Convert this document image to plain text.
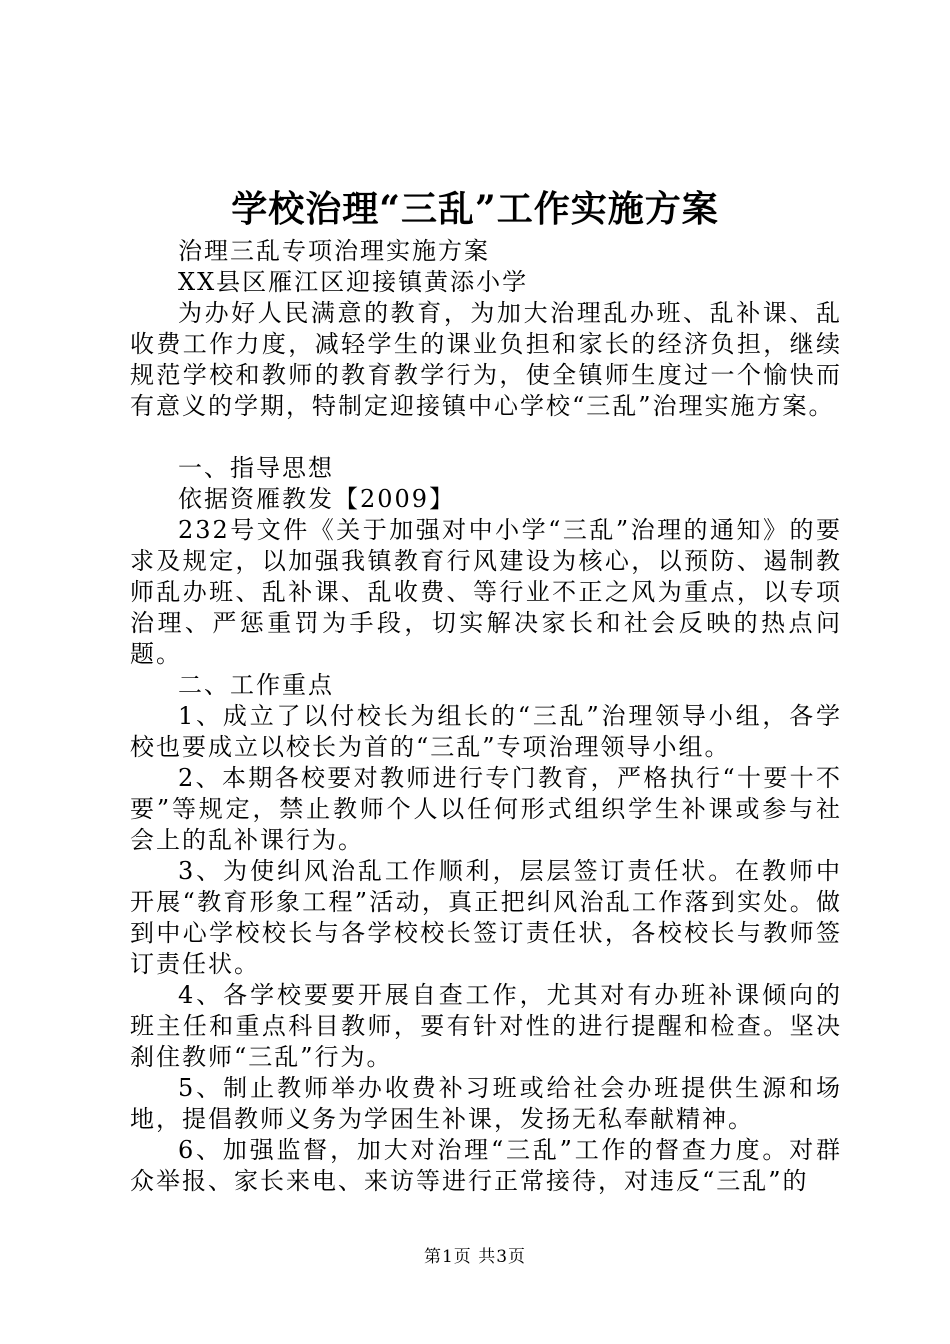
学校治理“三乱”工作实施方案

治理三乱专项治理实施方案

XX县区雁江区迎接镇黄添小学

为办好人民满意的教育，为加大治理乱办班、乱补课、乱收费工作力度，减轻学生的课业负担和家长的经济负担，继续规范学校和教师的教育教学行为，使全镇师生度过一个愉快而有意义的学期，特制定迎接镇中心学校“三乱”治理实施方案。

一、指导思想

依据资雁教发【2009】

232号文件《关于加强对中小学“三乱”治理的通知》的要求及规定，以加强我镇教育行风建设为核心，以预防、遏制教师乱办班、乱补课、乱收费、等行业不正之风为重点，以专项治理、严惩重罚为手段，切实解决家长和社会反映的热点问题。

二、工作重点

1、成立了以付校长为组长的“三乱”治理领导小组，各学校也要成立以校长为首的“三乱”专项治理领导小组。

2、本期各校要对教师进行专门教育，严格执行“十要十不要”等规定，禁止教师个人以任何形式组织学生补课或参与社会上的乱补课行为。

3、为使纠风治乱工作顺利，层层签订责任状。在教师中开展“教育形象工程”活动，真正把纠风治乱工作落到实处。做到中心学校校长与各学校校长签订责任状，各校校长与教师签订责任状。

4、各学校要要开展自查工作，尤其对有办班补课倾向的班主任和重点科目教师，要有针对性的进行提醒和检查。坚决刹住教师“三乱”行为。

5、制止教师举办收费补习班或给社会办班提供生源和场地，提倡教师义务为学困生补课，发扬无私奉献精神。

6、加强监督，加大对治理“三乱”工作的督查力度。对群众举报、家长来电、来访等进行正常接待，对违反“三乱”的

第1页 共3页
